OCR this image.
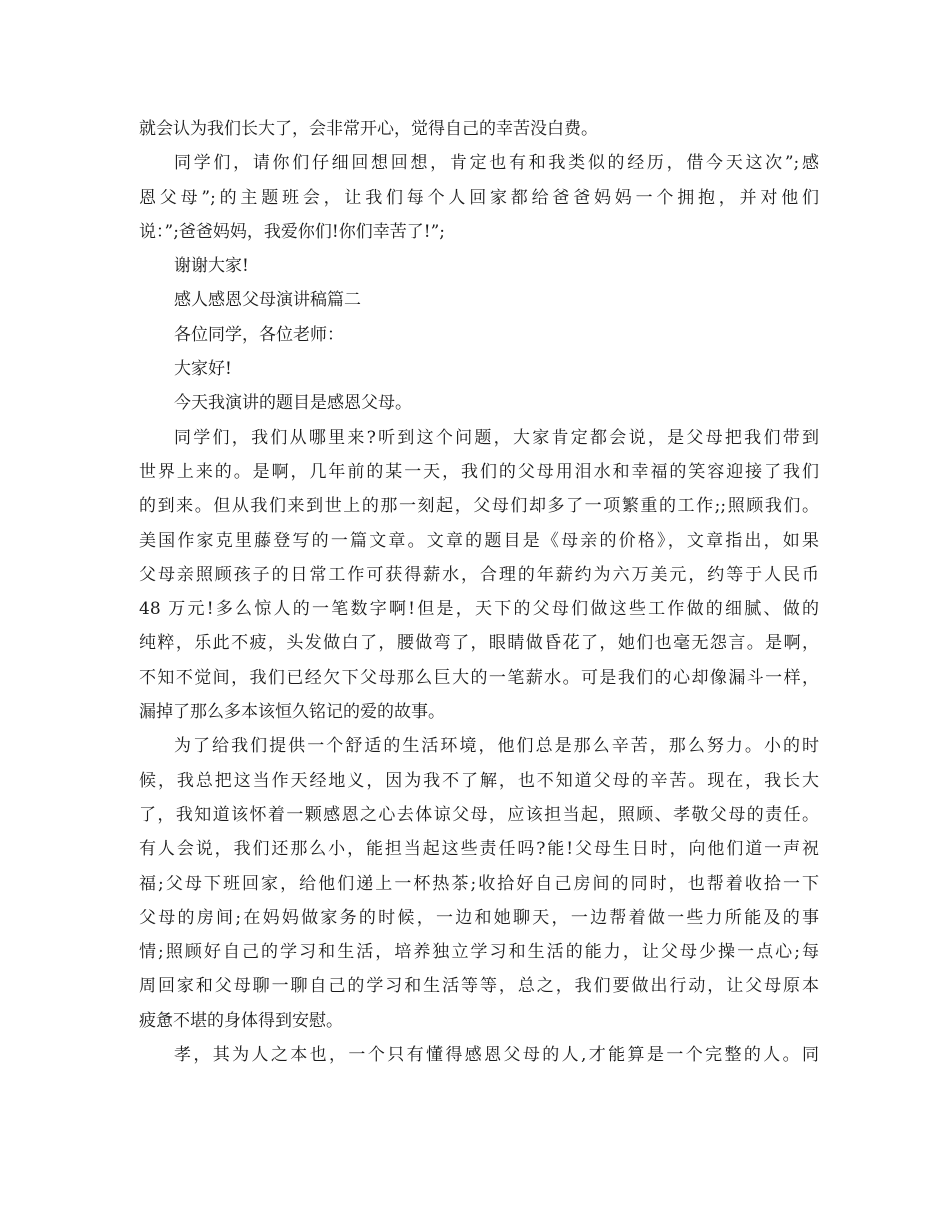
就会认为我们长大了，会非常开心，觉得自己的幸苦没白费。
同学们，请你们仔细回想回想，肯定也有和我类似的经历，借今天这次”;感
恩父母”;的主题班会，让我们每个人回家都给爸爸妈妈一个拥抱，并对他们
说：”;爸爸妈妈，我爱你们!你们幸苦了!”;
谢谢大家!
感人感恩父母演讲稿篇二
各位同学，各位老师：
大家好!
今天我演讲的题目是感恩父母。
同学们，我们从哪里来?听到这个问题，大家肯定都会说，是父母把我们带到
世界上来的。是啊，几年前的某一天，我们的父母用泪水和幸福的笑容迎接了我们
的到来。但从我们来到世上的那一刻起，父母们却多了一项繁重的工作;;照顾我们。
美国作家克里藤登写的一篇文章。文章的题目是《母亲的价格》，文章指出，如果
父母亲照顾孩子的日常工作可获得薪水，合理的年薪约为六万美元，约等于人民币
48 万元!多么惊人的一笔数字啊!但是，天下的父母们做这些工作做的细腻、做的
纯粹，乐此不疲，头发做白了，腰做弯了，眼睛做昏花了，她们也毫无怨言。是啊，
不知不觉间，我们已经欠下父母那么巨大的一笔薪水。可是我们的心却像漏斗一样，
漏掉了那么多本该恒久铭记的爱的故事。
为了给我们提供一个舒适的生活环境，他们总是那么辛苦，那么努力。小的时
候，我总把这当作天经地义，因为我不了解，也不知道父母的辛苦。现在，我长大
了，我知道该怀着一颗感恩之心去体谅父母，应该担当起，照顾、孝敬父母的责任。
有人会说，我们还那么小，能担当起这些责任吗?能!父母生日时，向他们道一声祝
福;父母下班回家，给他们递上一杯热茶;收拾好自己房间的同时，也帮着收拾一下
父母的房间;在妈妈做家务的时候，一边和她聊天，一边帮着做一些力所能及的事
情;照顾好自己的学习和生活，培养独立学习和生活的能力，让父母少操一点心;每
周回家和父母聊一聊自己的学习和生活等等，总之，我们要做出行动，让父母原本
疲惫不堪的身体得到安慰。
孝，其为人之本也，一个只有懂得感恩父母的人,才能算是一个完整的人。同
